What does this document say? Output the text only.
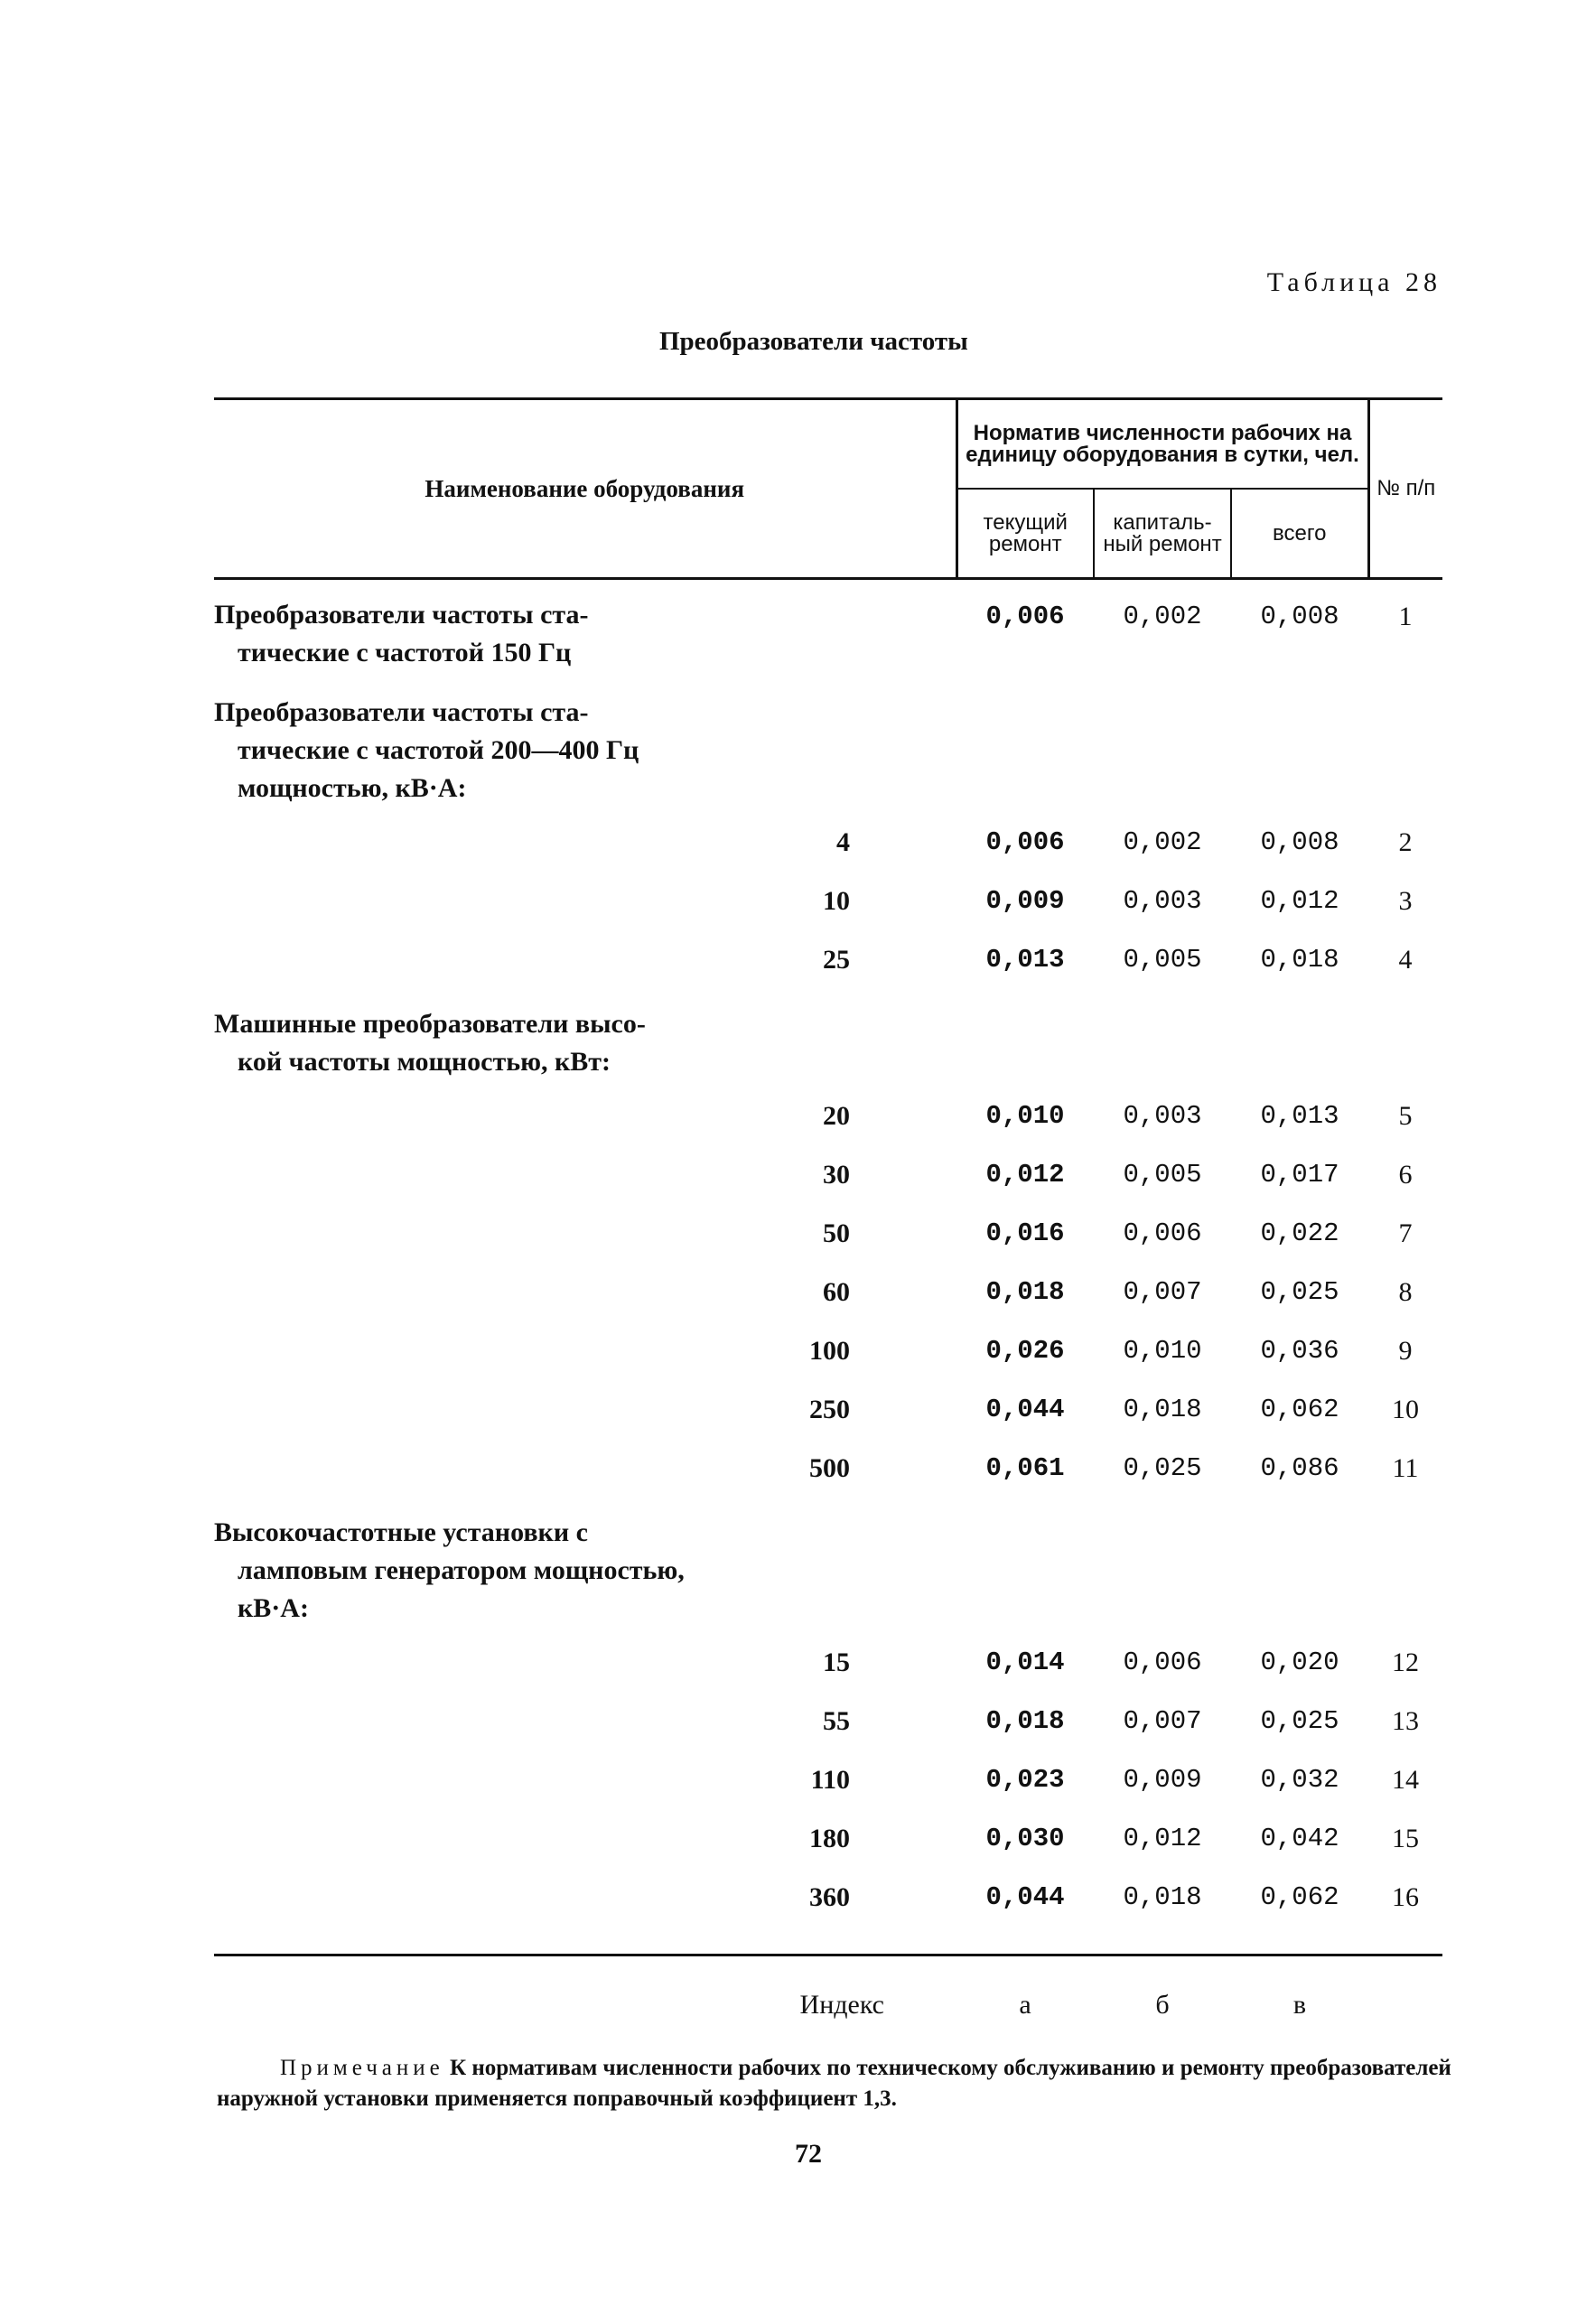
Таблица 28
Преобразователи частоты
Наименование оборудования	Норматив численности рабочих на единицу оборудования в сутки, чел.			№ п/п
	текущий ремонт	капиталь-ный ремонт	всего	

Преобразователи частоты ста-
тические с частотой 150 Гц	0,006	0,002	0,008	1

Преобразователи частоты ста-
тические с частотой 200—400 Гц
мощностью, кВ·А:				

4	0,006	0,002	0,008	2
10	0,009	0,003	0,012	3
25	0,013	0,005	0,018	4

Машинные преобразователи высо-
кой частоты мощностью, кВт:				

20	0,010	0,003	0,013	5
30	0,012	0,005	0,017	6
50	0,016	0,006	0,022	7
60	0,018	0,007	0,025	8
100	0,026	0,010	0,036	9
250	0,044	0,018	0,062	10
500	0,061	0,025	0,086	11

Высокочастотные установки с
ламповым генератором мощностью,
кВ·А:				

15	0,014	0,006	0,020	12
55	0,018	0,007	0,025	13
110	0,023	0,009	0,032	14
180	0,030	0,012	0,042	15
360	0,044	0,018	0,062	16

Индекс	а	б	в	
Примечание К нормативам численности рабочих по техническому обслуживанию и ремонту преобразователей наружной установки применяется поправочный коэффициент 1,3.
72
